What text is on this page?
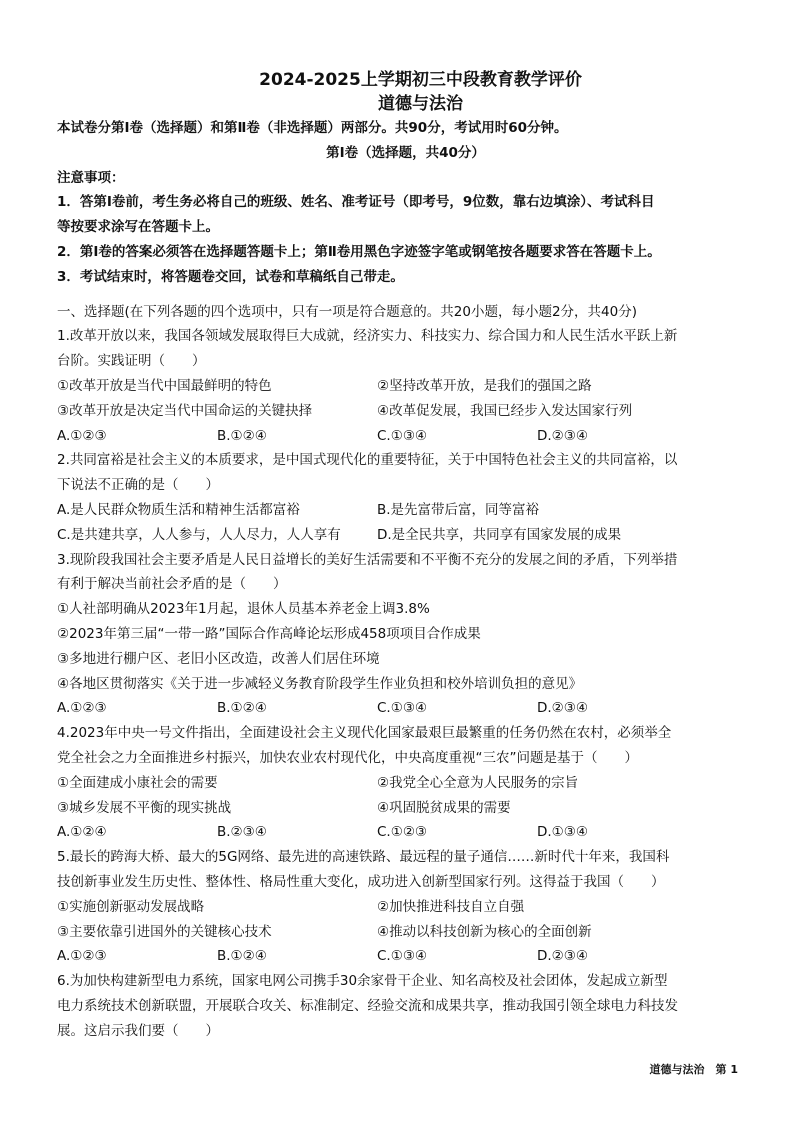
2024-2025上学期初三中段教育教学评价
道德与法治
本试卷分第Ⅰ卷（选择题）和第Ⅱ卷（非选择题）两部分。共90分，考试用时60分钟。
第Ⅰ卷（选择题，共40分）
注意事项：
1．答第Ⅰ卷前，考生务必将自己的班级、姓名、准考证号（即考号，9位数，靠右边填涂）、考试科目
等按要求涂写在答题卡上。
2．第Ⅰ卷的答案必须答在选择题答题卡上；第Ⅱ卷用黑色字迹签字笔或钢笔按各题要求答在答题卡上。
3．考试结束时，将答题卷交回，试卷和草稿纸自己带走。
一、选择题(在下列各题的四个选项中，只有一项是符合题意的。共20小题，每小题2分，共40分)
1.改革开放以来，我国各领域发展取得巨大成就，经济实力、科技实力、综合国力和人民生活水平跃上新
台阶。实践证明（　　）
①改革开放是当代中国最鲜明的特色	②坚持改革开放，是我们的强国之路
③改革开放是决定当代中国命运的关键抉择	④改革促发展，我国已经步入发达国家行列
A.①②③	B.①②④	C.①③④	D.②③④
2.共同富裕是社会主义的本质要求，是中国式现代化的重要特征，关于中国特色社会主义的共同富裕，以
下说法不正确的是（　　）
A.是人民群众物质生活和精神生活都富裕	B.是先富带后富，同等富裕
C.是共建共享，人人参与，人人尽力，人人享有	D.是全民共享，共同享有国家发展的成果
3.现阶段我国社会主要矛盾是人民日益增长的美好生活需要和不平衡不充分的发展之间的矛盾，下列举措
有利于解决当前社会矛盾的是（　　）
①人社部明确从2023年1月起，退休人员基本养老金上调3.8%
②2023年第三届“一带一路”国际合作高峰论坛形成458项项目合作成果
③多地进行棚户区、老旧小区改造，改善人们居住环境
④各地区贯彻落实《关于进一步减轻义务教育阶段学生作业负担和校外培训负担的意见》
A.①②③	B.①②④	C.①③④	D.②③④
4.2023年中央一号文件指出，全面建设社会主义现代化国家最艰巨最繁重的任务仍然在农村，必须举全
党全社会之力全面推进乡村振兴，加快农业农村现代化，中央高度重视“三农”问题是基于（　　）
①全面建成小康社会的需要	②我党全心全意为人民服务的宗旨
③城乡发展不平衡的现实挑战	④巩固脱贫成果的需要
A.①②④	B.②③④	C.①②③	D.①③④
5.最长的跨海大桥、最大的5G网络、最先进的高速铁路、最远程的量子通信……新时代十年来，我国科
技创新事业发生历史性、整体性、格局性重大变化，成功进入创新型国家行列。这得益于我国（　　）
①实施创新驱动发展战略	②加快推进科技自立自强
③主要依靠引进国外的关键核心技术	④推动以科技创新为核心的全面创新
A.①②③	B.①②④	C.①③④	D.②③④
6.为加快构建新型电力系统，国家电网公司携手30余家骨干企业、知名高校及社会团体，发起成立新型
电力系统技术创新联盟，开展联合攻关、标准制定、经验交流和成果共享，推动我国引领全球电力科技发
展。这启示我们要（　　）
道德与法治　第 1
